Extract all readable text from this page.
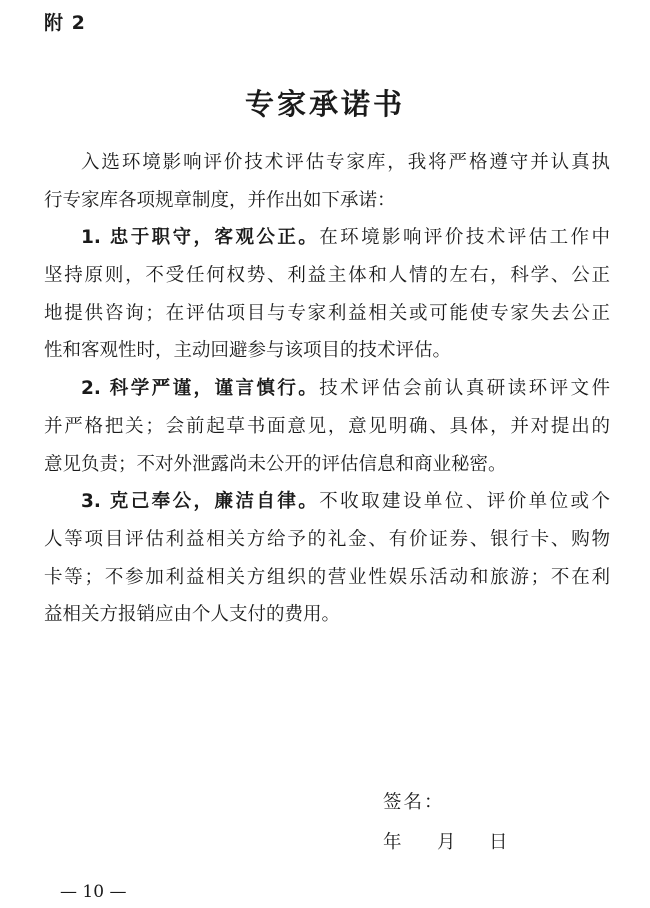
附 2
专家承诺书
入选环境影响评价技术评估专家库，我将严格遵守并认真执
行专家库各项规章制度，并作出如下承诺：
1. 忠于职守，客观公正。在环境影响评价技术评估工作中
坚持原则，不受任何权势、利益主体和人情的左右，科学、公正
地提供咨询；在评估项目与专家利益相关或可能使专家失去公正
性和客观性时，主动回避参与该项目的技术评估。
2. 科学严谨，谨言慎行。技术评估会前认真研读环评文件
并严格把关；会前起草书面意见，意见明确、具体，并对提出的
意见负责；不对外泄露尚未公开的评估信息和商业秘密。
3. 克己奉公，廉洁自律。不收取建设单位、评价单位或个
人等项目评估利益相关方给予的礼金、有价证券、银行卡、购物
卡等；不参加利益相关方组织的营业性娱乐活动和旅游；不在利
益相关方报销应由个人支付的费用。
签名：
年 月 日
— 10 —
